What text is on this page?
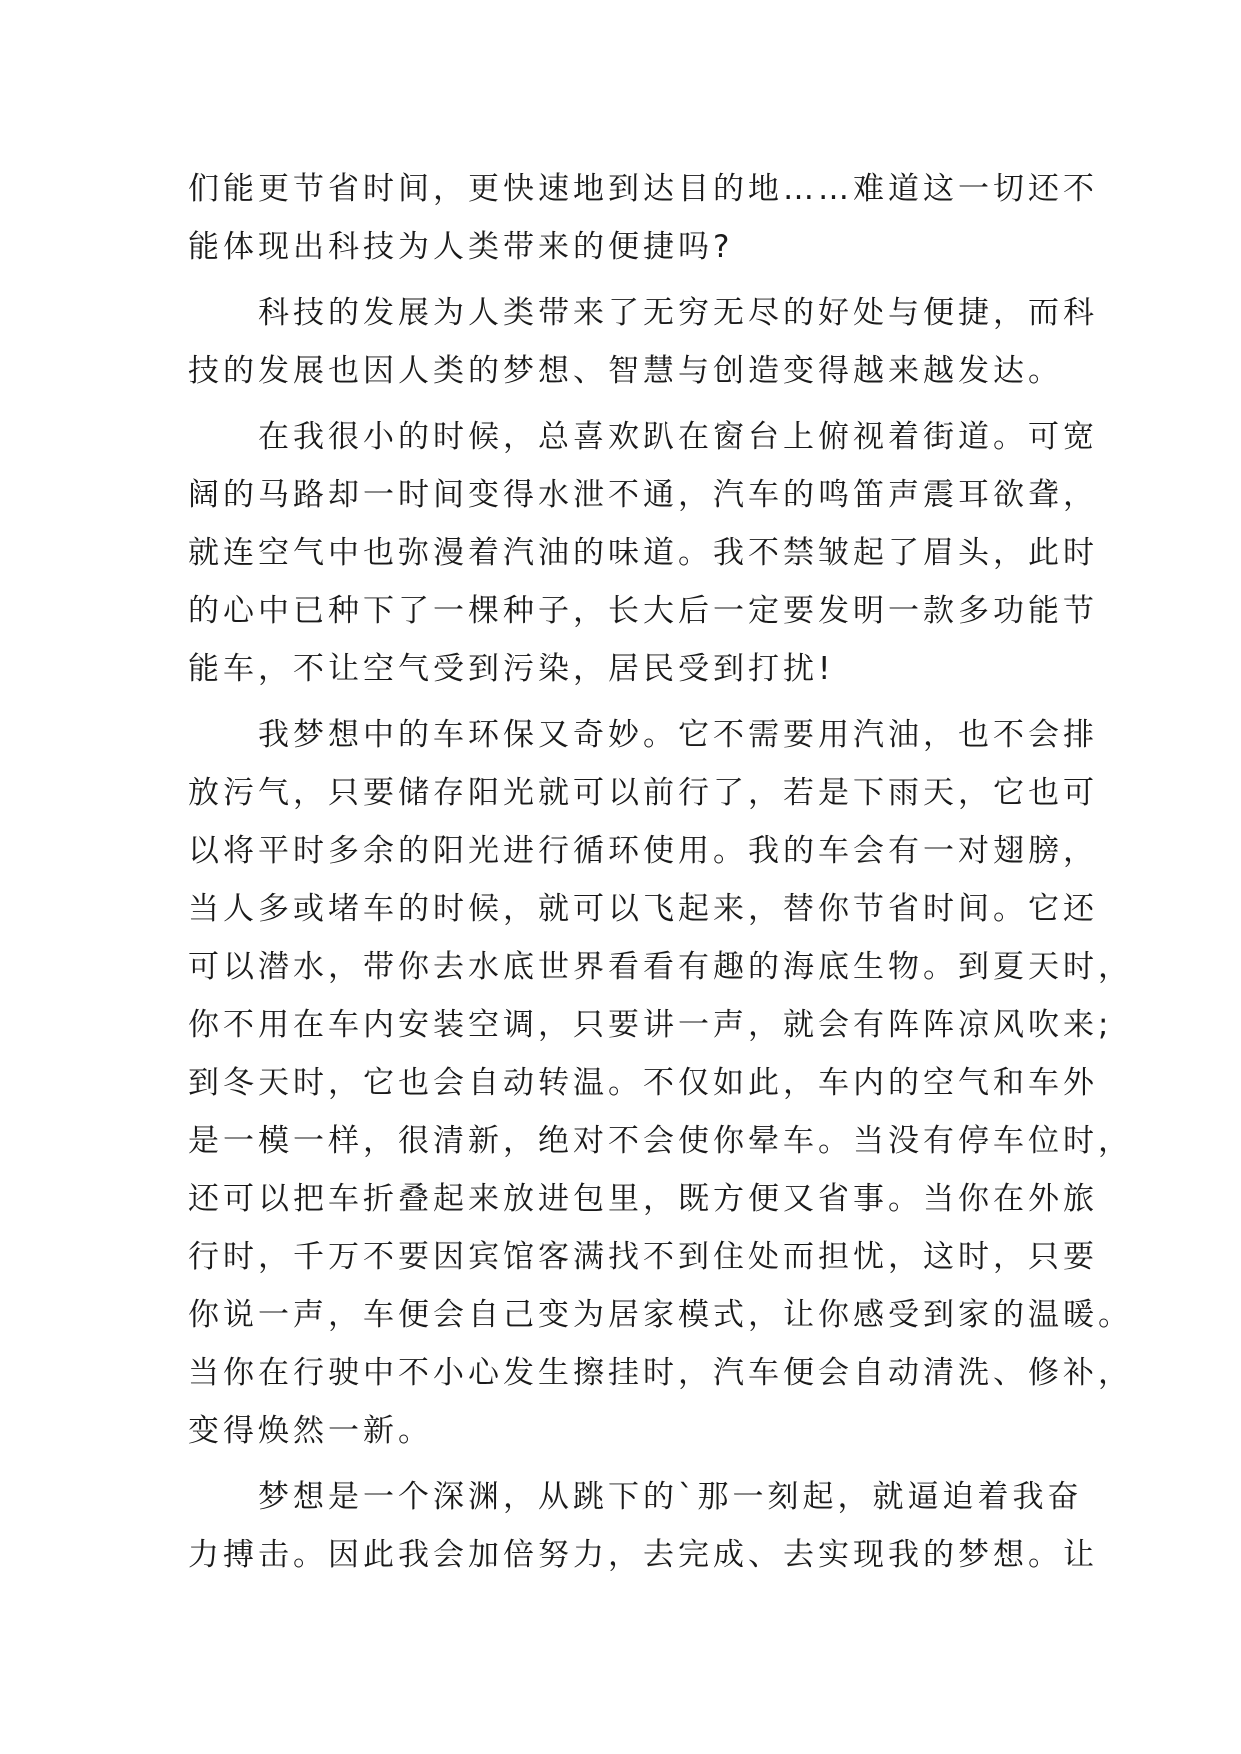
们能更节省时间，更快速地到达目的地……难道这一切还不
能体现出科技为人类带来的便捷吗?
科技的发展为人类带来了无穷无尽的好处与便捷，而科
技的发展也因人类的梦想、智慧与创造变得越来越发达。
在我很小的时候，总喜欢趴在窗台上俯视着街道。可宽
阔的马路却一时间变得水泄不通，汽车的鸣笛声震耳欲聋，
就连空气中也弥漫着汽油的味道。我不禁皱起了眉头，此时
的心中已种下了一棵种子，长大后一定要发明一款多功能节
能车，不让空气受到污染，居民受到打扰!
我梦想中的车环保又奇妙。它不需要用汽油，也不会排
放污气，只要储存阳光就可以前行了，若是下雨天，它也可
以将平时多余的阳光进行循环使用。我的车会有一对翅膀，
当人多或堵车的时候，就可以飞起来，替你节省时间。它还
可以潜水，带你去水底世界看看有趣的海底生物。到夏天时，
你不用在车内安装空调，只要讲一声，就会有阵阵凉风吹来;
到冬天时，它也会自动转温。不仅如此，车内的空气和车外
是一模一样，很清新，绝对不会使你晕车。当没有停车位时，
还可以把车折叠起来放进包里，既方便又省事。当你在外旅
行时，千万不要因宾馆客满找不到住处而担忧，这时，只要
你说一声，车便会自己变为居家模式，让你感受到家的温暖。
当你在行驶中不小心发生擦挂时，汽车便会自动清洗、修补，
变得焕然一新。
梦想是一个深渊，从跳下的`那一刻起，就逼迫着我奋
力搏击。因此我会加倍努力，去完成、去实现我的梦想。让
